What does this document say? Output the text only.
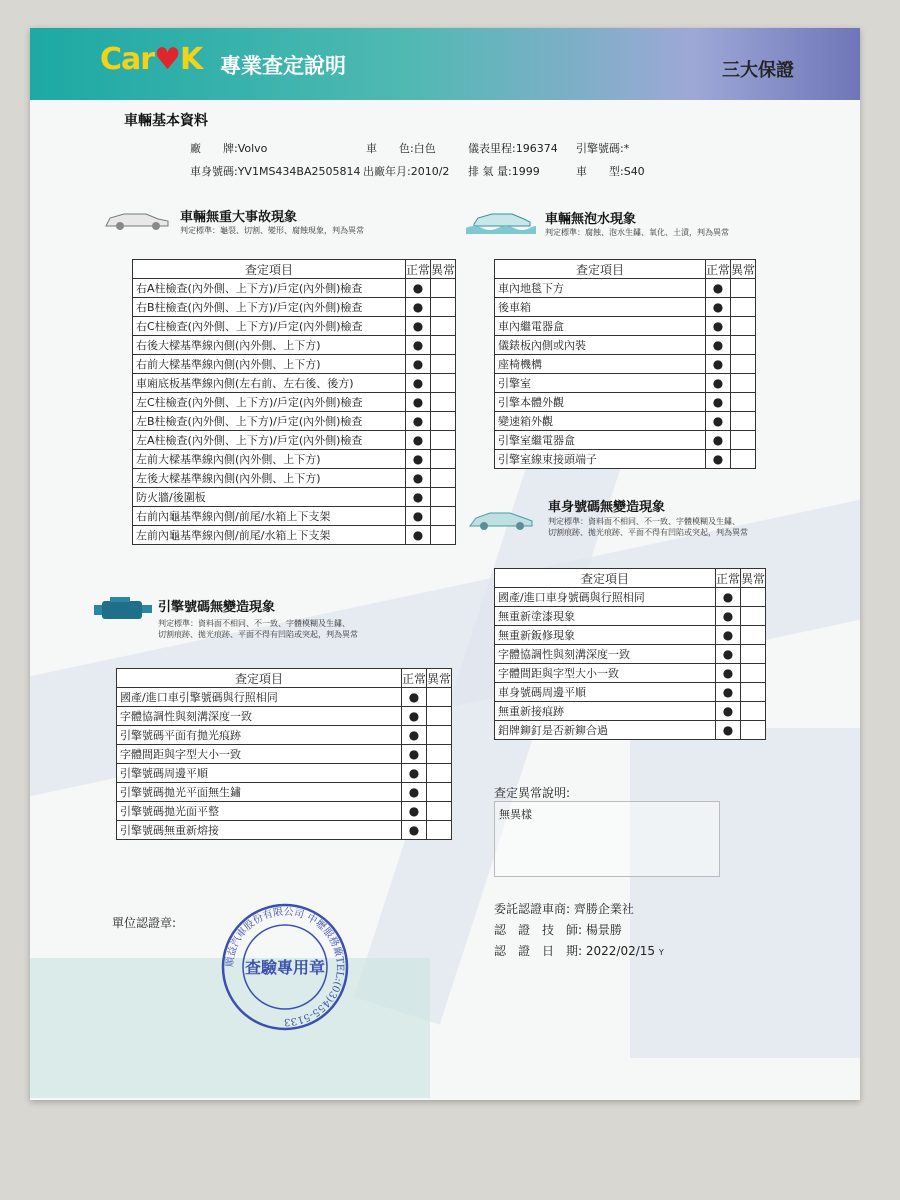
Car♥K 專業查定說明	三大保證
車輛基本資料
廠　　牌:Volvo	車　　色:白色	儀表里程:196374 引擎號碼:*
車身號碼:YV1MS434BA2505814 出廠年月:2010/2 排 氣 量:1999	車　　型:S40
車輛無重大事故現象
判定標準：龜裂、切割、變形、腐蝕現象，判為異常
查定項目	正常	異常
右A柱檢查(內外側、上下方)/戶定(內外側)檢查	●	
右B柱檢查(內外側、上下方)/戶定(內外側)檢查	●	
右C柱檢查(內外側、上下方)/戶定(內外側)檢查	●	
右後大樑基準線內側(內外側、上下方)	●	
右前大樑基準線內側(內外側、上下方)	●	
車廂底板基準線內側(左右前、左右後、後方)	●	
左C柱檢查(內外側、上下方)/戶定(內外側)檢查	●	
左B柱檢查(內外側、上下方)/戶定(內外側)檢查	●	
左A柱檢查(內外側、上下方)/戶定(內外側)檢查	●	
左前大樑基準線內側(內外側、上下方)	●	
左後大樑基準線內側(內外側、上下方)	●	
防火牆/後圍板	●	
右前內龜基準線內側/前尾/水箱上下支架	●	
左前內龜基準線內側/前尾/水箱上下支架	●	
車輛無泡水現象
判定標準：腐蝕、泡水生鏽、氧化、土漬，判為異常
查定項目	正常	異常
車內地毯下方	●	
後車箱	●	
車內繼電器盒	●	
儀錶板內側或內裝	●	
座椅機構	●	
引擎室	●	
引擎本體外觀	●	
變速箱外觀	●	
引擎室繼電器盒	●	
引擎室線束接頭端子	●	
車身號碼無變造現象
判定標準：資料面不相同、不一致、字體模糊及生鏽、
切割痕跡、拋光痕跡、平面不得有凹陷或突起，判為異常
查定項目	正常	異常
國產/進口車身號碼與行照相同	●	
無重新塗漆現象	●	
無重新鈑修現象	●	
字體協調性與刻溝深度一致	●	
字體間距與字型大小一致	●	
車身號碼周邊平順	●	
無重新接痕跡	●	
鋁牌鉚釘是否新鉚合過	●	
引擎號碼無變造現象
判定標準：資料面不相同、不一致、字體模糊及生鏽、
切割痕跡、拋光痕跡、平面不得有凹陷或突起，判為異常
查定項目	正常	異常
國產/進口車引擎號碼與行照相同	●	
字體協調性與刻溝深度一致	●	
引擎號碼平面有拋光痕跡	●	
字體間距與字型大小一致	●	
引擎號碼周邊平順	●	
引擎號碼拋光平面無生鏽	●	
引擎號碼拋光面平整	●	
引擎號碼無重新熔接	●	
查定異常說明:
無異樣
單位認證章:
順益汽車股份有限公司 中壢服務廠TEL:(03)455-5133
查驗專用章
委託認證車商: 齊勝企業社
認　證　技　師: 楊景勝
認　證　日　期: 2022/02/15 Y
